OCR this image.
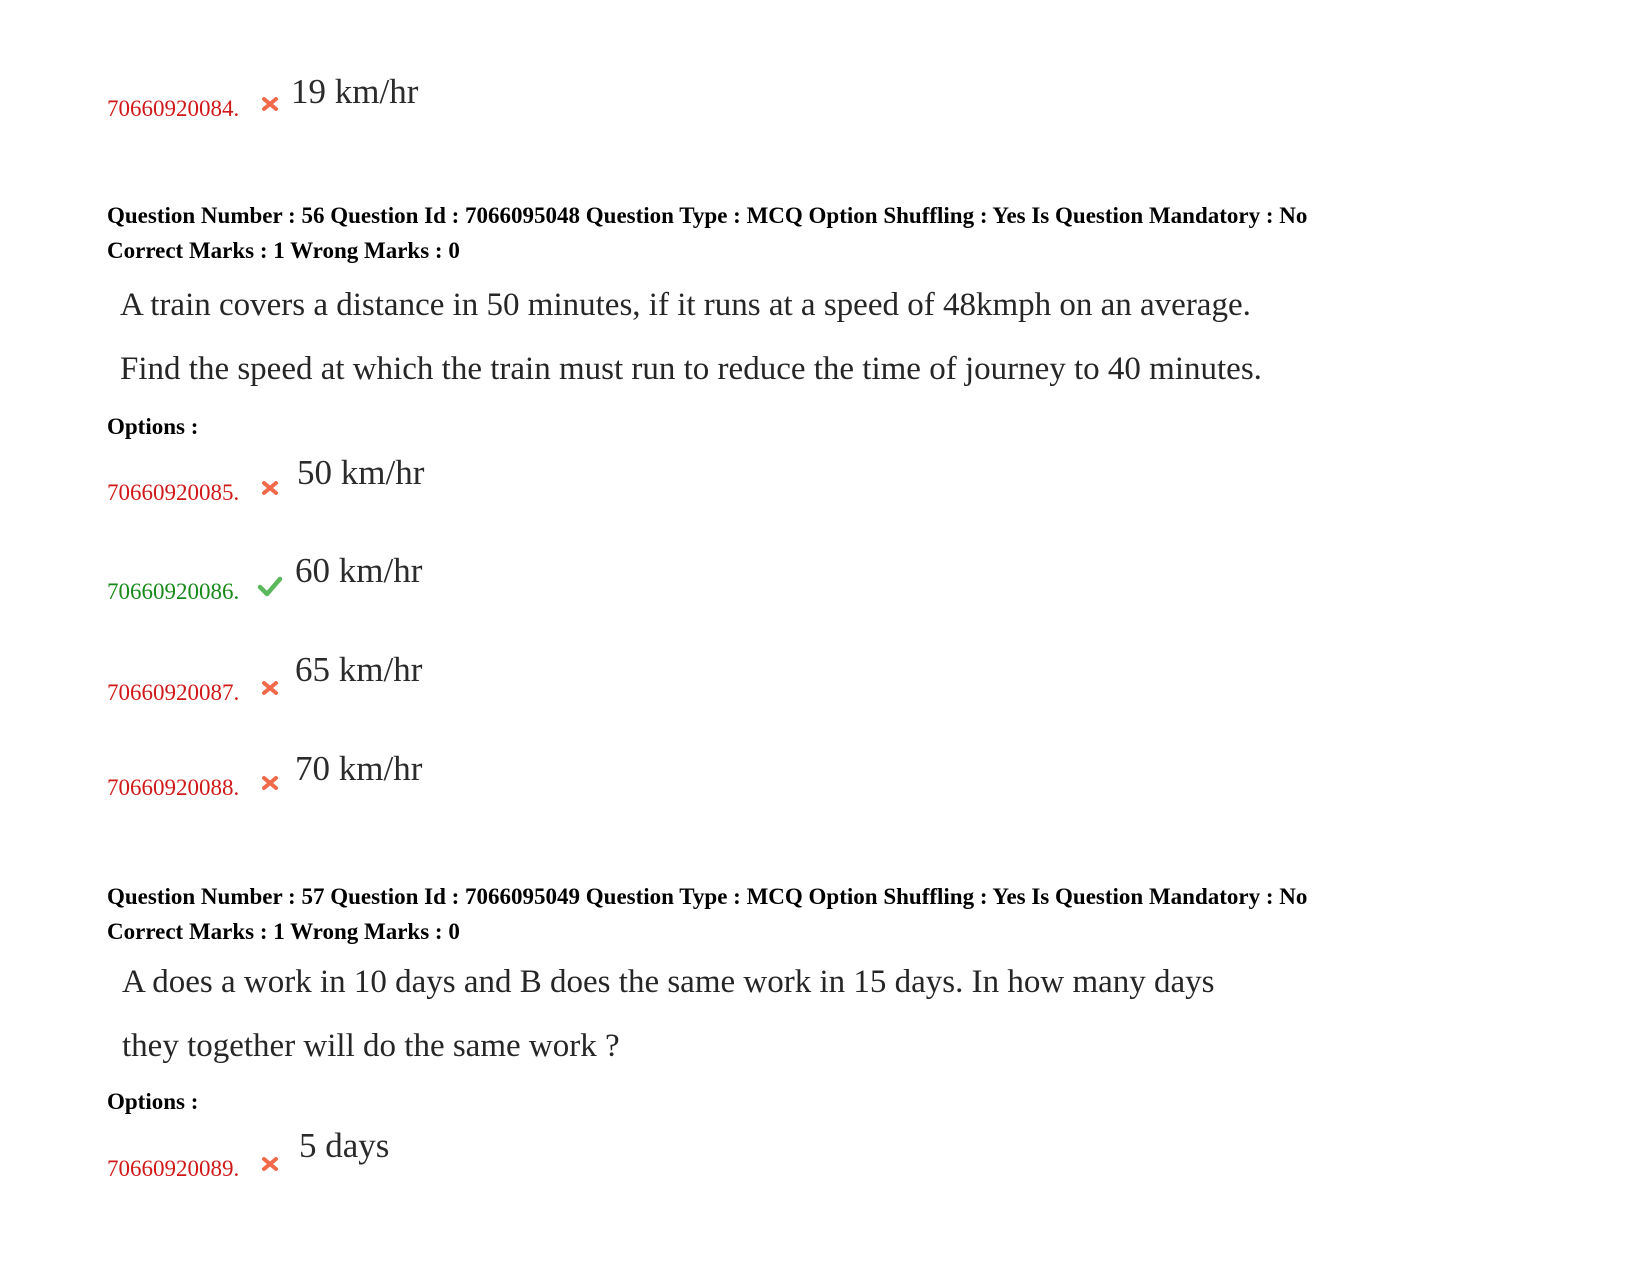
70660920084. 19 km/hr
Question Number : 56 Question Id : 7066095048 Question Type : MCQ Option Shuffling : Yes Is Question Mandatory : No
Correct Marks : 1 Wrong Marks : 0
A train covers a distance in 50 minutes, if it runs at a speed of 48kmph on an average.
Find the speed at which the train must run to reduce the time of journey to 40 minutes.
Options :
70660920085.
50 km/hr
70660920086.
60 km/hr
70660920087.
65 km/hr
70660920088. 70 km/hr
Question Number : 57 Question Id : 7066095049 Question Type : MCQ Option Shuffling : Yes Is Question Mandatory : No
Correct Marks : 1 Wrong Marks : 0
A does a work in 10 days and B does the same work in 15 days. In how many days
they together will do the same work ?
Options :
70660920089.
5 days
